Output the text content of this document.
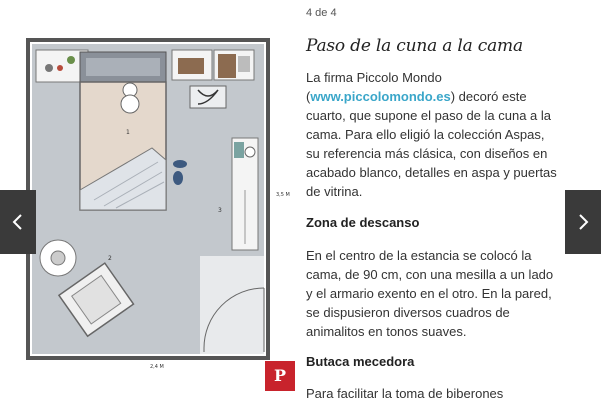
1
3
2
2,4 M
3,5 M
P
4 de 4
Paso de la cuna a la cama

La firma Piccolo Mondo (www.piccolomondo.es) decoró este cuarto, que supone el paso de la cuna a la cama. Para ello eligió la colección Aspas, su referencia más clásica, con diseños en acabado blanco, detalles en aspa y puertas de vitrina.

Zona de descanso

En el centro de la estancia se colocó la cama, de 90 cm, con una mesilla a un lado y el armario exento en el otro. En la pared, se dispusieron diversos cuadros de animalitos en tonos suaves.

Butaca mecedora

Para facilitar la toma de biberones
